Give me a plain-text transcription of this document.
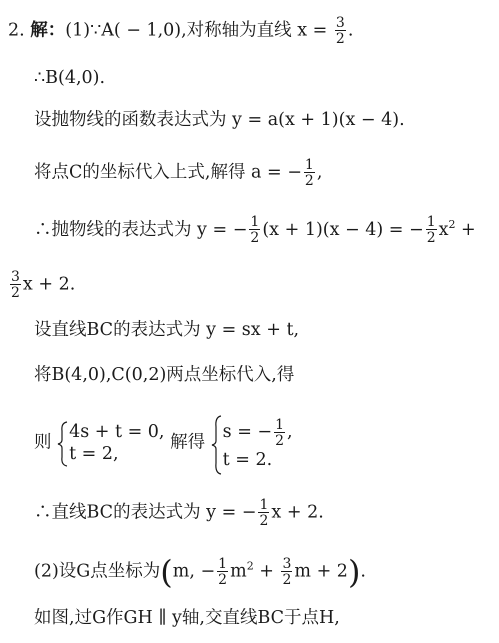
2. 解：(1)∵A( − 1,0),对称轴为直线 $x = \frac{3}{2}$ .
∴B(4,0).
设抛物线的函数表达式为 y = a(x + 1)(x − 4).
将点C的坐标代入上式,解得 a = − $\frac{1}{2}$ ,
∴抛物线的表达式为 y = − $\frac{1}{2} (x + 1)(x - 4)$ = − $\frac{1}{2} x^2$ +
$\frac{3}{2}$ x + 2.
设直线BC的表达式为 y = sx + t,
将B(4,0),C(0,2)两点坐标代入,得
则
4s + t = 0,
t = 2,
解得
s = − $\frac{1}{2}$ ,
t = 2.
∴直线BC的表达式为 y = − $\frac{1}{2}$ x + 2.
(2)设G点坐标为(m, − $\frac{1}{2} m^2 + \frac{3}{2}$ m + 2).
如图,过G作GH ∥ y轴,交直线BC于点H,
